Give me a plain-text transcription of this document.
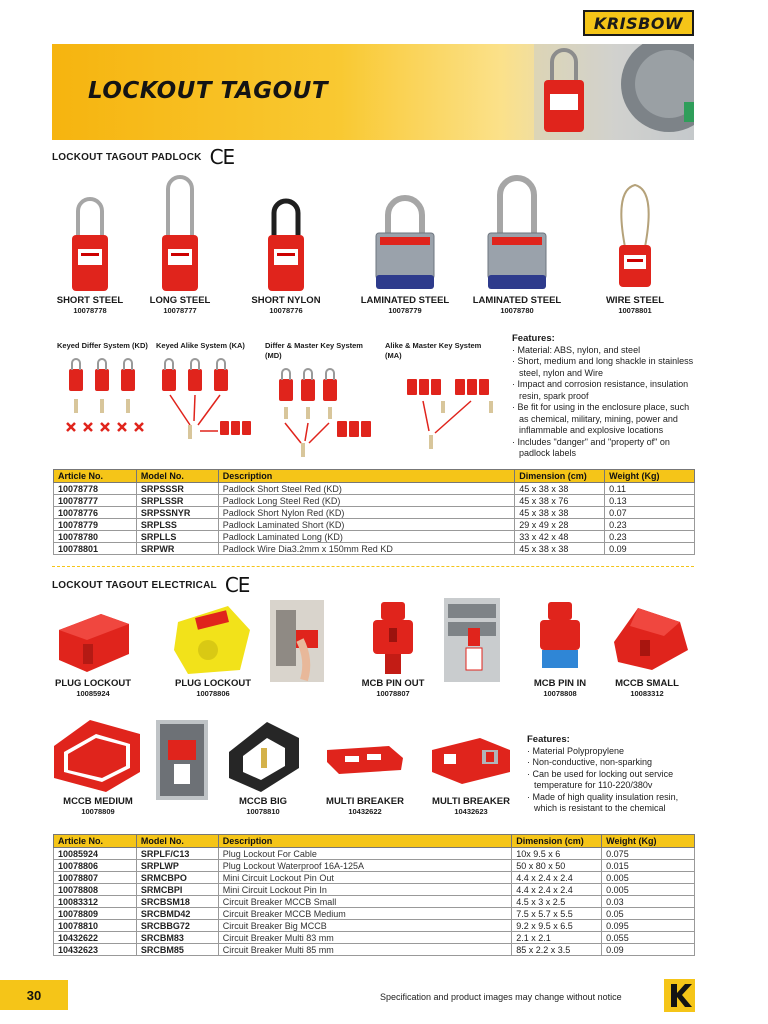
KRISBOW
LOCKOUT TAGOUT
LOCKOUT TAGOUT PADLOCK CE
SHORT STEEL
10078778
LONG STEEL
10078777
SHORT NYLON
10078776
LAMINATED STEEL
10078779
LAMINATED STEEL
10078780
WIRE STEEL
10078801
Keyed Differ System (KD) Keyed Alike System (KA)	Differ & Master Key System (MD)
Alike & Master Key System (MA)
Features:
· Material: ABS, nylon, and steel
· Short, medium and long shackle in stainless steel, nylon and Wire
· Impact and corrosion resistance, insulation resin, spark proof
· Be fit for using in the enclosure place, such as chemical, military, mining, power and inflammable and explosive locations
· Includes "danger" and "property of" on padlock labels
Article No.	Model No.	Description	Dimension (cm)	Weight (Kg)
10078778	SRPSSSR	Padlock Short Steel Red (KD)	45 x 38 x 38	0.11
10078777	SRPLSSR	Padlock Long Steel Red (KD)	45 x 38 x 76	0.13
10078776	SRPSSNYR	Padlock Short Nylon Red (KD)	45 x 38 x 38	0.07
10078779	SRPLSS	Padlock Laminated Short (KD)	29 x 49 x 28	0.23
10078780	SRPLLS	Padlock Laminated Long (KD)	33 x 42 x 48	0.23
10078801	SRPWR	Padlock Wire Dia3.2mm x 150mm Red KD	45 x 38 x 38	0.09
LOCKOUT TAGOUT ELECTRICAL CE
PLUG LOCKOUT
10085924
PLUG LOCKOUT
10078806
MCB PIN OUT
10078807
MCB PIN IN
10078808
MCCB SMALL
10083312
MCCB MEDIUM
10078809
MCCB BIG
10078810
MULTI BREAKER
10432622
MULTI BREAKER
10432623
Features:
· Material Polypropylene
· Non-conductive, non-sparking
· Can be used for locking out service temperature for 110-220/380v
· Made of high quality insulation resin, which is resistant to the chemical
Article No.	Model No.	Description	Dimension (cm)	Weight (Kg)
10085924	SRPLF/C13	Plug Lockout For Cable	10x 9.5 x 6	0.075
10078806	SRPLWP	Plug Lockout Waterproof 16A-125A	50 x 80 x 50	0.015
10078807	SRMCBPO	Mini Circuit Lockout Pin Out	4.4 x 2.4 x 2.4	0.005
10078808	SRMCBPI	Mini Circuit Lockout Pin In	4.4 x 2.4 x 2.4	0.005
10083312	SRCBSM18	Circuit Breaker MCCB Small	4.5 x 3 x 2.5	0.03
10078809	SRCBMD42	Circuit Breaker MCCB Medium	7.5 x 5.7 x 5.5	0.05
10078810	SRCBBG72	Circuit Breaker Big MCCB	9.2 x 9.5 x 6.5	0.095
10432622	SRCBM83	Circuit Breaker Multi 83 mm	2.1 x 2.1	0.055
10432623	SRCBM85	Circuit Breaker Multi 85 mm	85 x 2.2 x 3.5	0.09
30	Specification and product images may change without notice
